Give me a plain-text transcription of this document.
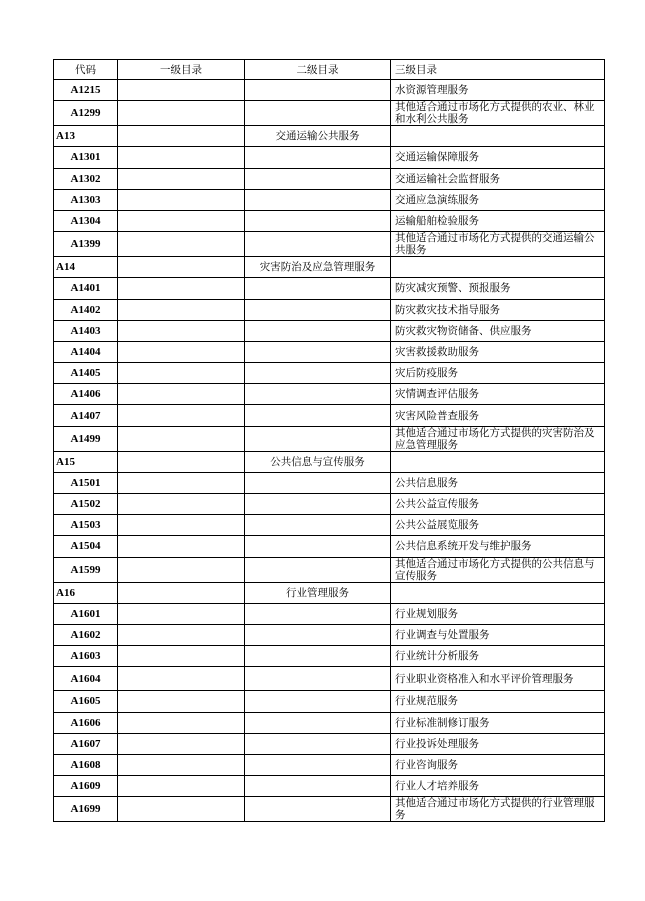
代码	一级目录	二级目录	三级目录
A1215			水资源管理服务
A1299			其他适合通过市场化方式提供的农业、林业和水利公共服务
A13		交通运输公共服务	
A1301			交通运输保障服务
A1302			交通运输社会监督服务
A1303			交通应急演练服务
A1304			运输船舶检验服务
A1399			其他适合通过市场化方式提供的交通运输公共服务
A14		灾害防治及应急管理服务	
A1401			防灾减灾预警、预报服务
A1402			防灾救灾技术指导服务
A1403			防灾救灾物资储备、供应服务
A1404			灾害救援救助服务
A1405			灾后防疫服务
A1406			灾情调查评估服务
A1407			灾害风险普查服务
A1499			其他适合通过市场化方式提供的灾害防治及应急管理服务
A15		公共信息与宣传服务	
A1501			公共信息服务
A1502			公共公益宣传服务
A1503			公共公益展览服务
A1504			公共信息系统开发与维护服务
A1599			其他适合通过市场化方式提供的公共信息与宣传服务
A16		行业管理服务	
A1601			行业规划服务
A1602			行业调查与处置服务
A1603			行业统计分析服务
A1604			行业职业资格准入和水平评价管理服务
A1605			行业规范服务
A1606			行业标准制修订服务
A1607			行业投诉处理服务
A1608			行业咨询服务
A1609			行业人才培养服务
A1699			其他适合通过市场化方式提供的行业管理服务
